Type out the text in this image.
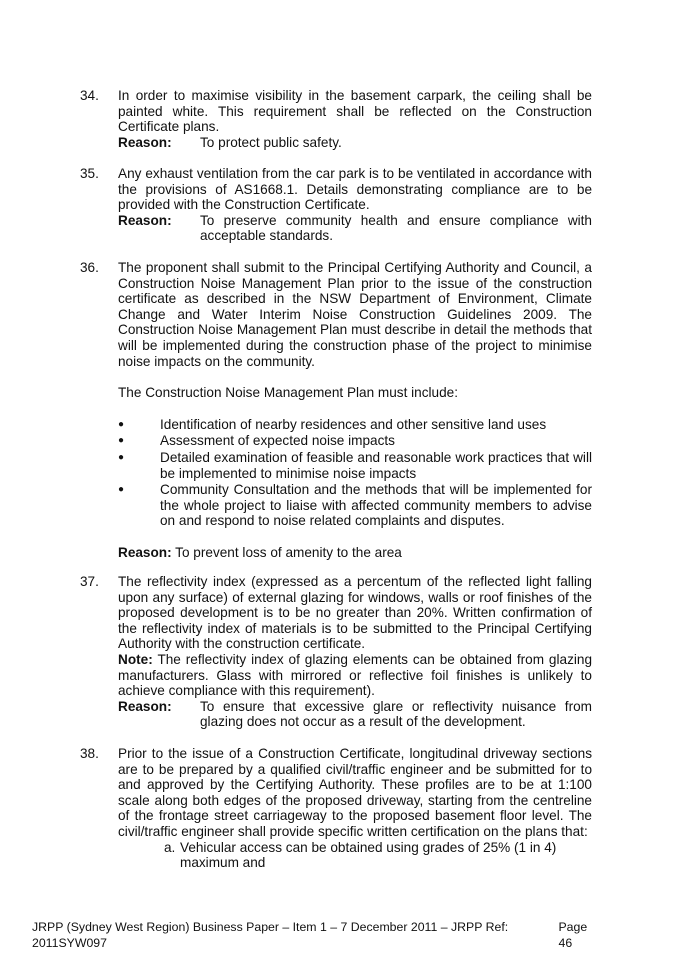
34. In order to maximise visibility in the basement carpark, the ceiling shall be painted white. This requirement shall be reflected on the Construction Certificate plans.

Reason:	To protect public safety.
35. Any exhaust ventilation from the car park is to be ventilated in accordance with the provisions of AS1668.1. Details demonstrating compliance are to be provided with the Construction Certificate.

Reason:	To preserve community health and ensure compliance with acceptable standards.
36. The proponent shall submit to the Principal Certifying Authority and Council, a Construction Noise Management Plan prior to the issue of the construction certificate as described in the NSW Department of Environment, Climate Change and Water Interim Noise Construction Guidelines 2009. The Construction Noise Management Plan must describe in detail the methods that will be implemented during the construction phase of the project to minimise noise impacts on the community.

The Construction Noise Management Plan must include:

●	Identification of nearby residences and other sensitive land uses
●	Assessment of expected noise impacts
●	Detailed examination of feasible and reasonable work practices that will be implemented to minimise noise impacts
●	Community Consultation and the methods that will be implemented for the whole project to liaise with affected community members to advise on and respond to noise related complaints and disputes.
Reason: To prevent loss of amenity to the area
37. The reflectivity index (expressed as a percentum of the reflected light falling upon any surface) of external glazing for windows, walls or roof finishes of the proposed development is to be no greater than 20%. Written confirmation of the reflectivity index of materials is to be submitted to the Principal Certifying Authority with the construction certificate.

Note: The reflectivity index of glazing elements can be obtained from glazing manufacturers. Glass with mirrored or reflective foil finishes is unlikely to achieve compliance with this requirement).

Reason:	To ensure that excessive glare or reflectivity nuisance from glazing does not occur as a result of the development.
38. Prior to the issue of a Construction Certificate, longitudinal driveway sections are to be prepared by a qualified civil/traffic engineer and be submitted for to and approved by the Certifying Authority. These profiles are to be at 1:100 scale along both edges of the proposed driveway, starting from the centreline of the frontage street carriageway to the proposed basement floor level. The civil/traffic engineer shall provide specific written certification on the plans that:

a. Vehicular access can be obtained using grades of 25% (1 in 4) maximum and
JRPP (Sydney West Region) Business Paper – Item 1 – 7 December 2011 – JRPP Ref: 2011SYW097
Page 46
